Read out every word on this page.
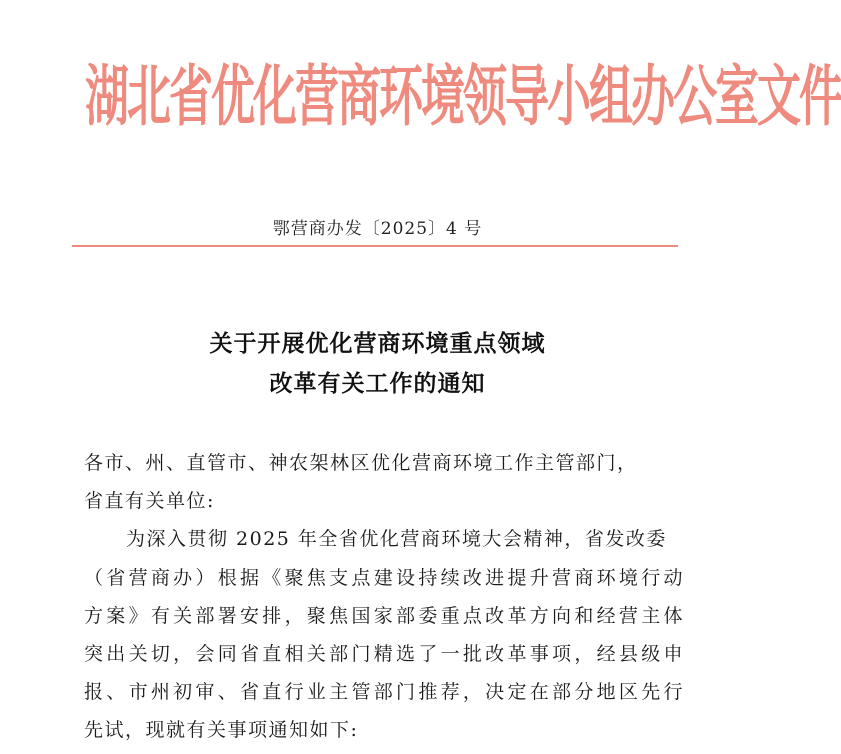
湖北省优化营商环境领导小组办公室文件
鄂营商办发〔2025〕4 号
关于开展优化营商环境重点领域
改革有关工作的通知
各市、州、直管市、神农架林区优化营商环境工作主管部门，
省直有关单位:
为深入贯彻 2025 年全省优化营商环境大会精神，省发改委
（省营商办）根据《聚焦支点建设持续改进提升营商环境行动
方案》有关部署安排，聚焦国家部委重点改革方向和经营主体
突出关切，会同省直相关部门精选了一批改革事项，经县级申
报、市州初审、省直行业主管部门推荐，决定在部分地区先行
先试，现就有关事项通知如下:
